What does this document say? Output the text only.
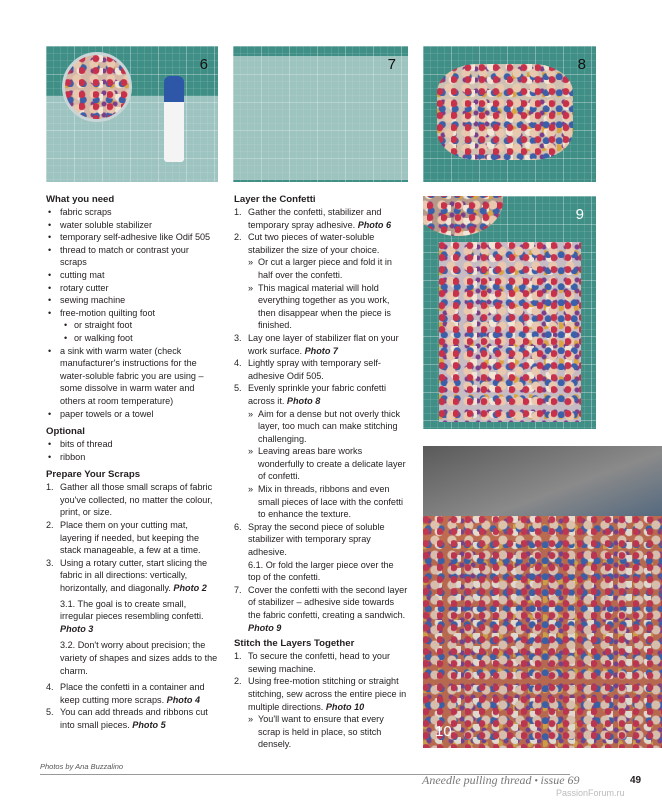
6	7	8
9
10
What you need
• fabric scraps
• water soluble stabilizer
• temporary self-adhesive like Odif 505
• thread to match or contrast your scraps
• cutting mat
• rotary cutter
• sewing machine
• free-motion quilting foot
• or straight foot
• or walking foot
• a sink with warm water (check manufacturer's instructions for the water-soluble fabric you are using – some dissolve in warm water and others at room temperature)
• paper towels or a towel
Optional
• bits of thread
• ribbon
Prepare Your Scraps
1. Gather all those small scraps of fabric you've collected, no matter the colour, print, or size.
2. Place them on your cutting mat, layering if needed, but keeping the stack manageable, a few at a time.
3. Using a rotary cutter, start slicing the fabric in all directions: vertically, horizontally, and diagonally. Photo 2
3.1. The goal is to create small, irregular pieces resembling confetti. Photo 3
3.2. Don't worry about precision; the variety of shapes and sizes adds to the charm.
4. Place the confetti in a container and keep cutting more scraps. Photo 4
5. You can add threads and ribbons cut into small pieces. Photo 5
Layer the Confetti
1. Gather the confetti, stabilizer and temporary spray adhesive. Photo 6
2. Cut two pieces of water-soluble stabilizer the size of your choice.
» Or cut a larger piece and fold it in half over the confetti.
» This magical material will hold everything together as you work, then disappear when the piece is finished.
3. Lay one layer of stabilizer flat on your work surface. Photo 7
4. Lightly spray with temporary self-adhesive Odif 505.
5. Evenly sprinkle your fabric confetti across it. Photo 8
» Aim for a dense but not overly thick layer, too much can make stitching challenging.
» Leaving areas bare works wonderfully to create a delicate layer of confetti.
» Mix in threads, ribbons and even small pieces of lace with the confetti to enhance the texture.
6. Spray the second piece of soluble stabilizer with temporary spray adhesive.
6.1. Or fold the larger piece over the top of the confetti.
7. Cover the confetti with the second layer of stabilizer – adhesive side towards the fabric confetti, creating a sandwich. Photo 9
Stitch the Layers Together
1. To secure the confetti, head to your sewing machine.
2. Using free-motion stitching or straight stitching, sew across the entire piece in multiple directions. Photo 10
» You'll want to ensure that every scrap is held in place, so stitch densely.
Photos by Ana Buzzalino
Aneedle pulling thread • issue 69	49
PassionForum.ru
